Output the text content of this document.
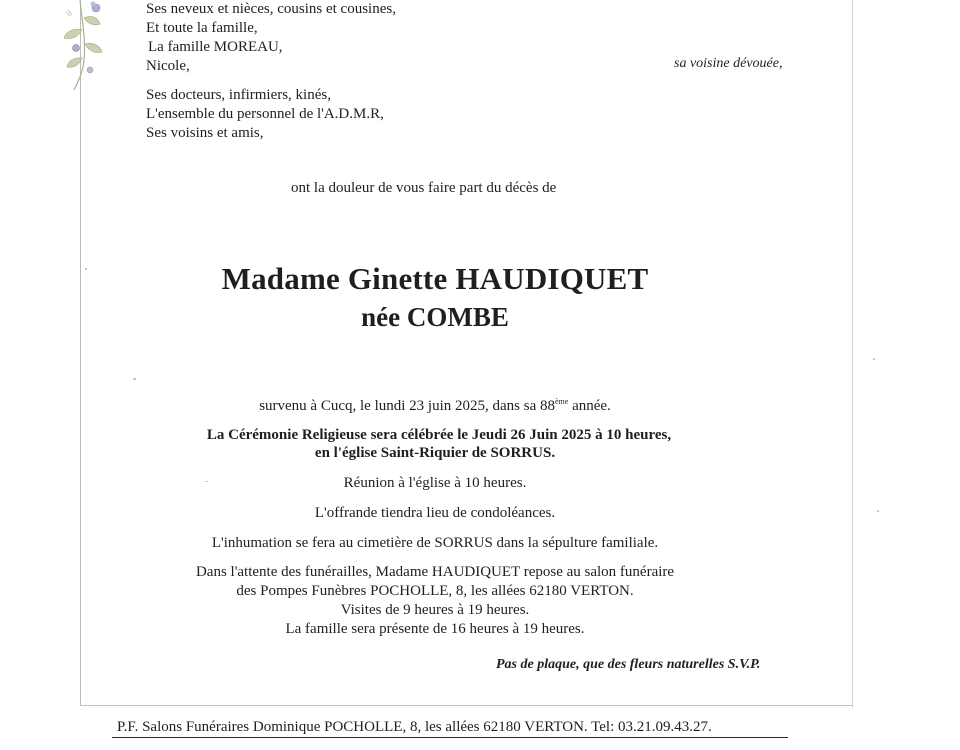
Ses neveux et nièces, cousins et cousines,
Et toute la famille,
La famille MOREAU,
Nicole,	sa voisine dévouée,
Ses docteurs, infirmiers, kinés,
L'ensemble du personnel de l'A.D.M.R,
Ses voisins et amis,
ont la douleur de vous faire part du décès de
Madame Ginette HAUDIQUET
née COMBE
survenu à Cucq, le lundi 23 juin 2025, dans sa 88ème année.
La Cérémonie Religieuse sera célébrée le Jeudi 26 Juin 2025 à 10 heures,
en l'église Saint-Riquier de SORRUS.
Réunion à l'église à 10 heures.
L'offrande tiendra lieu de condoléances.
L'inhumation se fera au cimetière de SORRUS dans la sépulture familiale.
Dans l'attente des funérailles, Madame HAUDIQUET repose au salon funéraire
des Pompes Funèbres POCHOLLE, 8, les allées 62180 VERTON.
Visites de 9 heures à 19 heures.
La famille sera présente de 16 heures à 19 heures.
Pas de plaque, que des fleurs naturelles S.V.P.
P.F. Salons Funéraires Dominique POCHOLLE, 8, les allées 62180 VERTON. Tel: 03.21.09.43.27.
